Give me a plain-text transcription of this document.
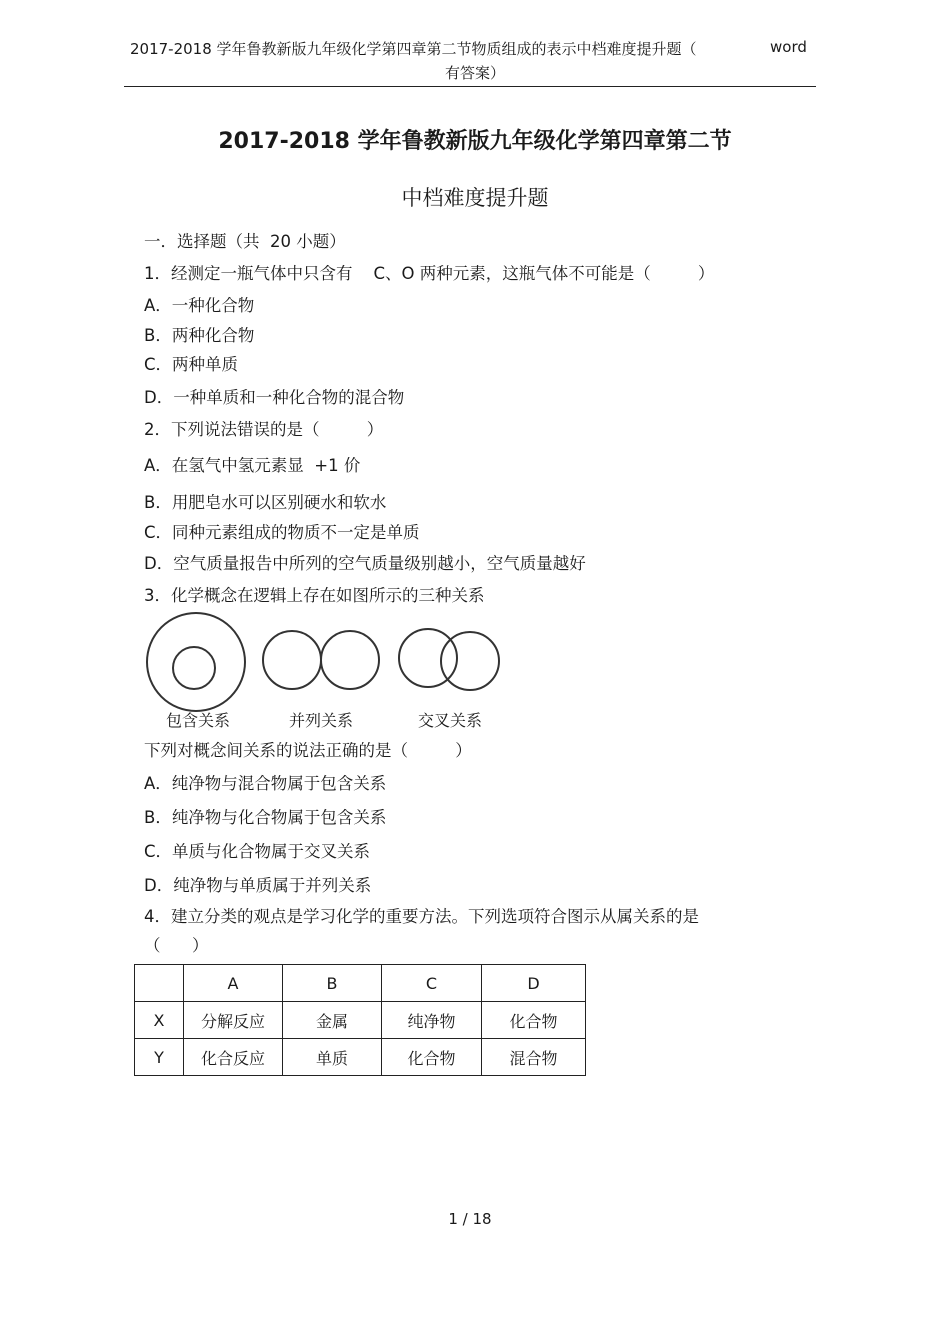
2017-2018 学年鲁教新版九年级化学第四章第二节物质组成的表示中档难度提升题（	word
有答案）
2017-2018 学年鲁教新版九年级化学第四章第二节
中档难度提升题
一．选择题（共  20 小题）
1．经测定一瓶气体中只含有    C、O 两种元素，这瓶气体不可能是（         ）
A．一种化合物
B．两种化合物
C．两种单质
D．一种单质和一种化合物的混合物
2．下列说法错误的是（         ）
A．在氢气中氢元素显  +1 价
B．用肥皂水可以区别硬水和软水
C．同种元素组成的物质不一定是单质
D．空气质量报告中所列的空气质量级别越小，空气质量越好
3．化学概念在逻辑上存在如图所示的三种关系
包含关系	并列关系	交叉关系
下列对概念间关系的说法正确的是（         ）
A．纯净物与混合物属于包含关系
B．纯净物与化合物属于包含关系
C．单质与化合物属于交叉关系
D．纯净物与单质属于并列关系
4．建立分类的观点是学习化学的重要方法。下列选项符合图示从属关系的是
（      ）
	A	B	C	D
X	分解反应	金属	纯净物	化合物
Y	化合反应	单质	化合物	混合物
1 / 18
